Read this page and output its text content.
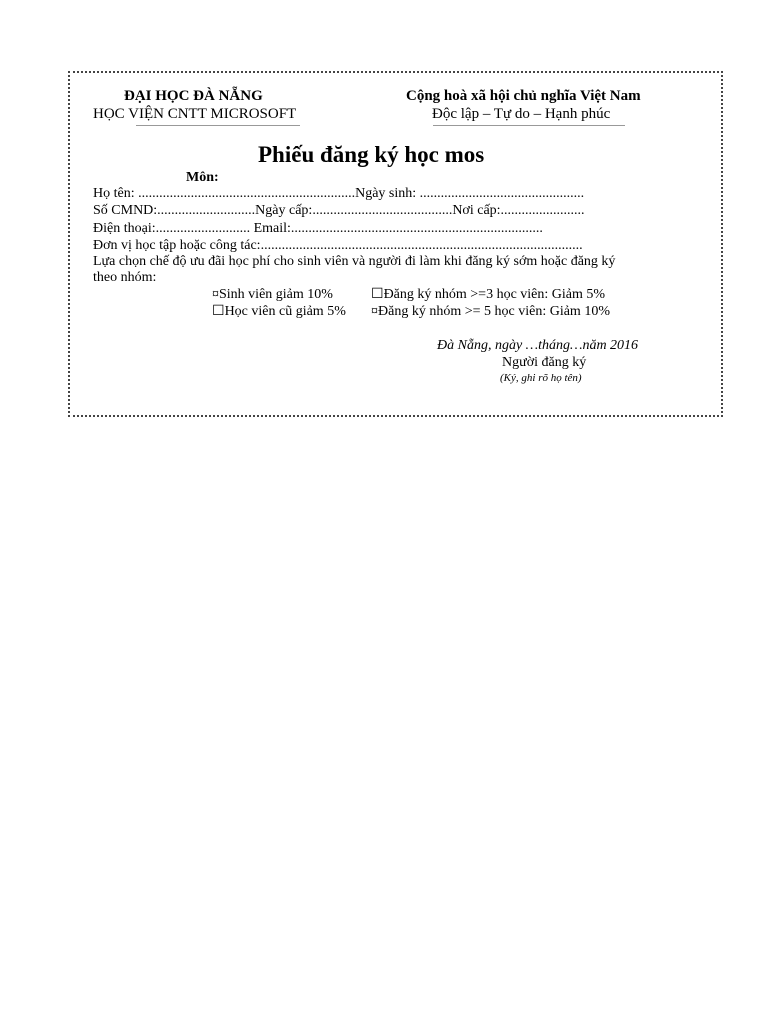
ĐẠI HỌC ĐÀ NẴNG
HỌC VIỆN CNTT MICROSOFT
Cộng hoà xã hội chủ nghĩa Việt Nam
Độc lập – Tự do – Hạnh phúc
Phiếu đăng ký học mos
Môn:
Họ tên: ..............................................................Ngày sinh: ...............................................
Số CMND:............................Ngày cấp:........................................Nơi cấp:........................
Điện thoại:........................... Email:........................................................................
Đơn vị học tập hoặc công tác:............................................................................................
Lựa chọn chế độ ưu đãi học phí cho sinh viên và người đi làm khi đăng ký sớm hoặc đăng ký
theo nhóm:
¤Sinh viên giảm 10%	☐Đăng ký nhóm >=3 học viên: Giảm 5%
☐Học viên cũ giảm 5% ¤Đăng ký nhóm >= 5 học viên: Giảm 10%
Đà Nẵng, ngày …tháng…năm 2016
Người đăng ký
(Ký, ghi rõ họ tên)
